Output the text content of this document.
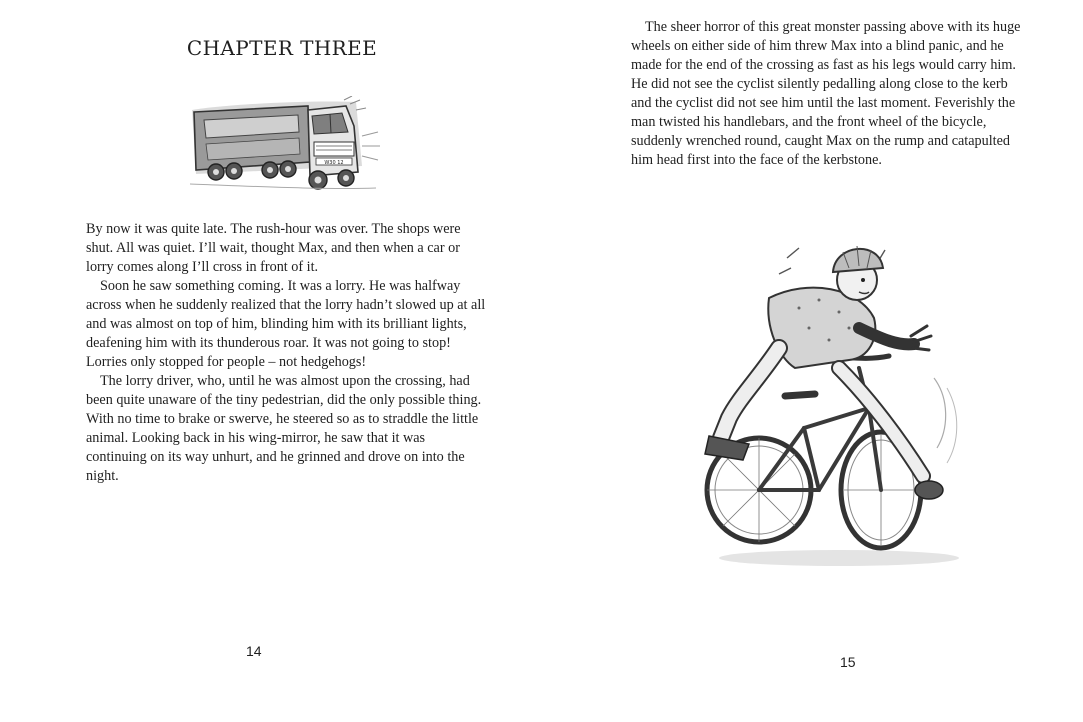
CHAPTER THREE
W30 12

By now it was quite late. The rush-hour was over. The shops were shut. All was quiet. I’ll wait, thought Max, and then when a car or lorry comes along I’ll cross in front of it.

Soon he saw something coming. It was a lorry. He was halfway across when he suddenly realized that the lorry hadn’t slowed up at all and was almost on top of him, blinding him with its brilliant lights, deafening him with its thunderous roar. It was not going to stop! Lorries only stopped for people – not hedgehogs!

The lorry driver, who, until he was almost upon the crossing, had been quite unaware of the tiny pedestrian, did the only possible thing. With no time to brake or swerve, he steered so as to straddle the little animal. Looking back in his wing-mirror, he saw that it was continuing on its way unhurt, and he grinned and drove on into the night.

14

The sheer horror of this great monster passing above with its huge wheels on either side of him threw Max into a blind panic, and he made for the end of the crossing as fast as his legs would carry him. He did not see the cyclist silently pedalling along close to the kerb and the cyclist did not see him until the last moment. Feverishly the man twisted his handlebars, and the front wheel of the bicycle, suddenly wrenched round, caught Max on the rump and catapulted him head first into the face of the kerbstone.

15
